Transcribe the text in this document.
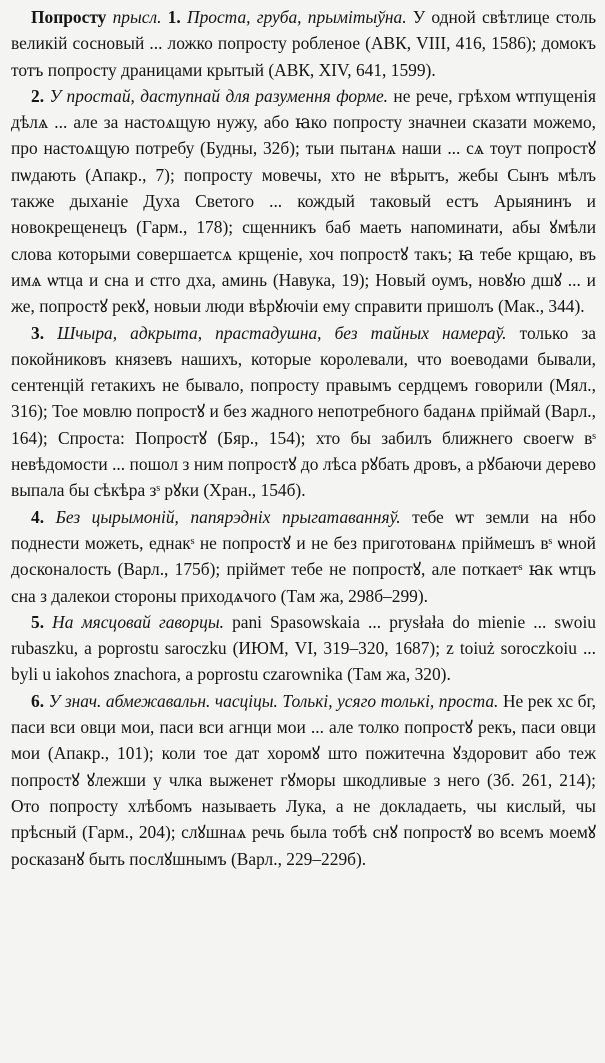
Попросту прысл. 1. Проста, груба, прымітыўна. У одной свѣтлице столь великій сосновый ... ложко попросту робленое (АВК, VIII, 416, 1586); домокъ тотъ попросту драницами крытый (АВК, XIV, 641, 1599).

2. У простай, даступнай для разумення форме. не рече, грѣхом ѡтпущенія дѣлѧ ... але за настоѧщую нужу, або ꙗко попросту значнеи сказати можемо, про настоѧщую потребу (Будны, 32б); тыи пытанѧ наши ... сѧ тоут попростꙋ пѡдають (Апакр., 7); попросту мовечы, хто не вѣрытъ, жебы Сынъ мѣлъ также дыханіе Духа Светого ... кождый таковый естъ Арыянинъ и новокрещенецъ (Гарм., 178); сщенникъ баб маеть напоминати, абы ꙋмѣли слова которыми совершаетсѧ крщеніе, хоч попростꙋ такъ; ꙗ тебе крщаю, въ имѧ ѡтца и сна и стго дха, аминь (Навука, 19); Новый оумъ, новꙋю дшꙋ ... и же, попростꙋ рекꙋ, новыи люди вѣрꙋючіи ему справити пришолъ (Мак., 344).

3. Шчыра, адкрыта, прастадушна, без тайных намераў. только за покойниковъ князевъ нашихъ, которые королевали, что воеводами бывали, сентенцій гетакихъ не бывало, попросту правымъ сердцемъ говорили (Мял., 316); Тое мовлю попростꙋ и без жадного непотребного баданѧ пріймай (Варл., 164); Спроста: Попростꙋ (Бяр., 154); хто бы забилъ ближнего своегѡ вˢ невѣдомости ... пошол з ним попростꙋ до лѣса рꙋбать дровъ, а рꙋбаючи дерево выпала бы сѣкѣра зˢ рꙋки (Хран., 154б).

4. Без цырымоній, папярэдніх прыгатаванняў. тебе ѡт земли на нбо поднести можеть, еднакˢ не попростꙋ и не без приготованѧ пріймешъ вˢ ѡной досконалость (Варл., 175б); пріймет тебе не попростꙋ, але поткаетˢ ꙗк ѡтцъ сна з далекои стороны приходѧчого (Там жа, 298б–299).

5. На мясцовай гаворцы. pani Spasowskaia ... prysłała do mienie ... swoiu rubaszku, a poprostu saroczku (ИЮМ, VI, 319–320, 1687); z toiuż soroczkoiu ... byli u iakohos znachora, a poprostu czarownika (Там жа, 320).

6. У знач. абмежавальн. часціцы. Толькі, усяго толькі, проста. Не рек хс бг, паси вси овци мои, паси вси агнци мои ... але толко попростꙋ рекъ, паси овци мои (Апакр., 101); коли тое дат хоромꙋ што пожитечна ꙋздоровит або теж попростꙋ ꙋлежши у члка выженет гꙋморы шкодливые з него (Зб. 261, 214); Ото попросту хлѣбомъ называеть Лука, а не докладаеть, чы кислый, чы прѣсный (Гарм., 204); слꙋшнаѧ речь была тобѣ снꙋ попростꙋ во всемъ моемꙋ росказанꙋ быть послꙋшнымъ (Варл., 229–229б).
